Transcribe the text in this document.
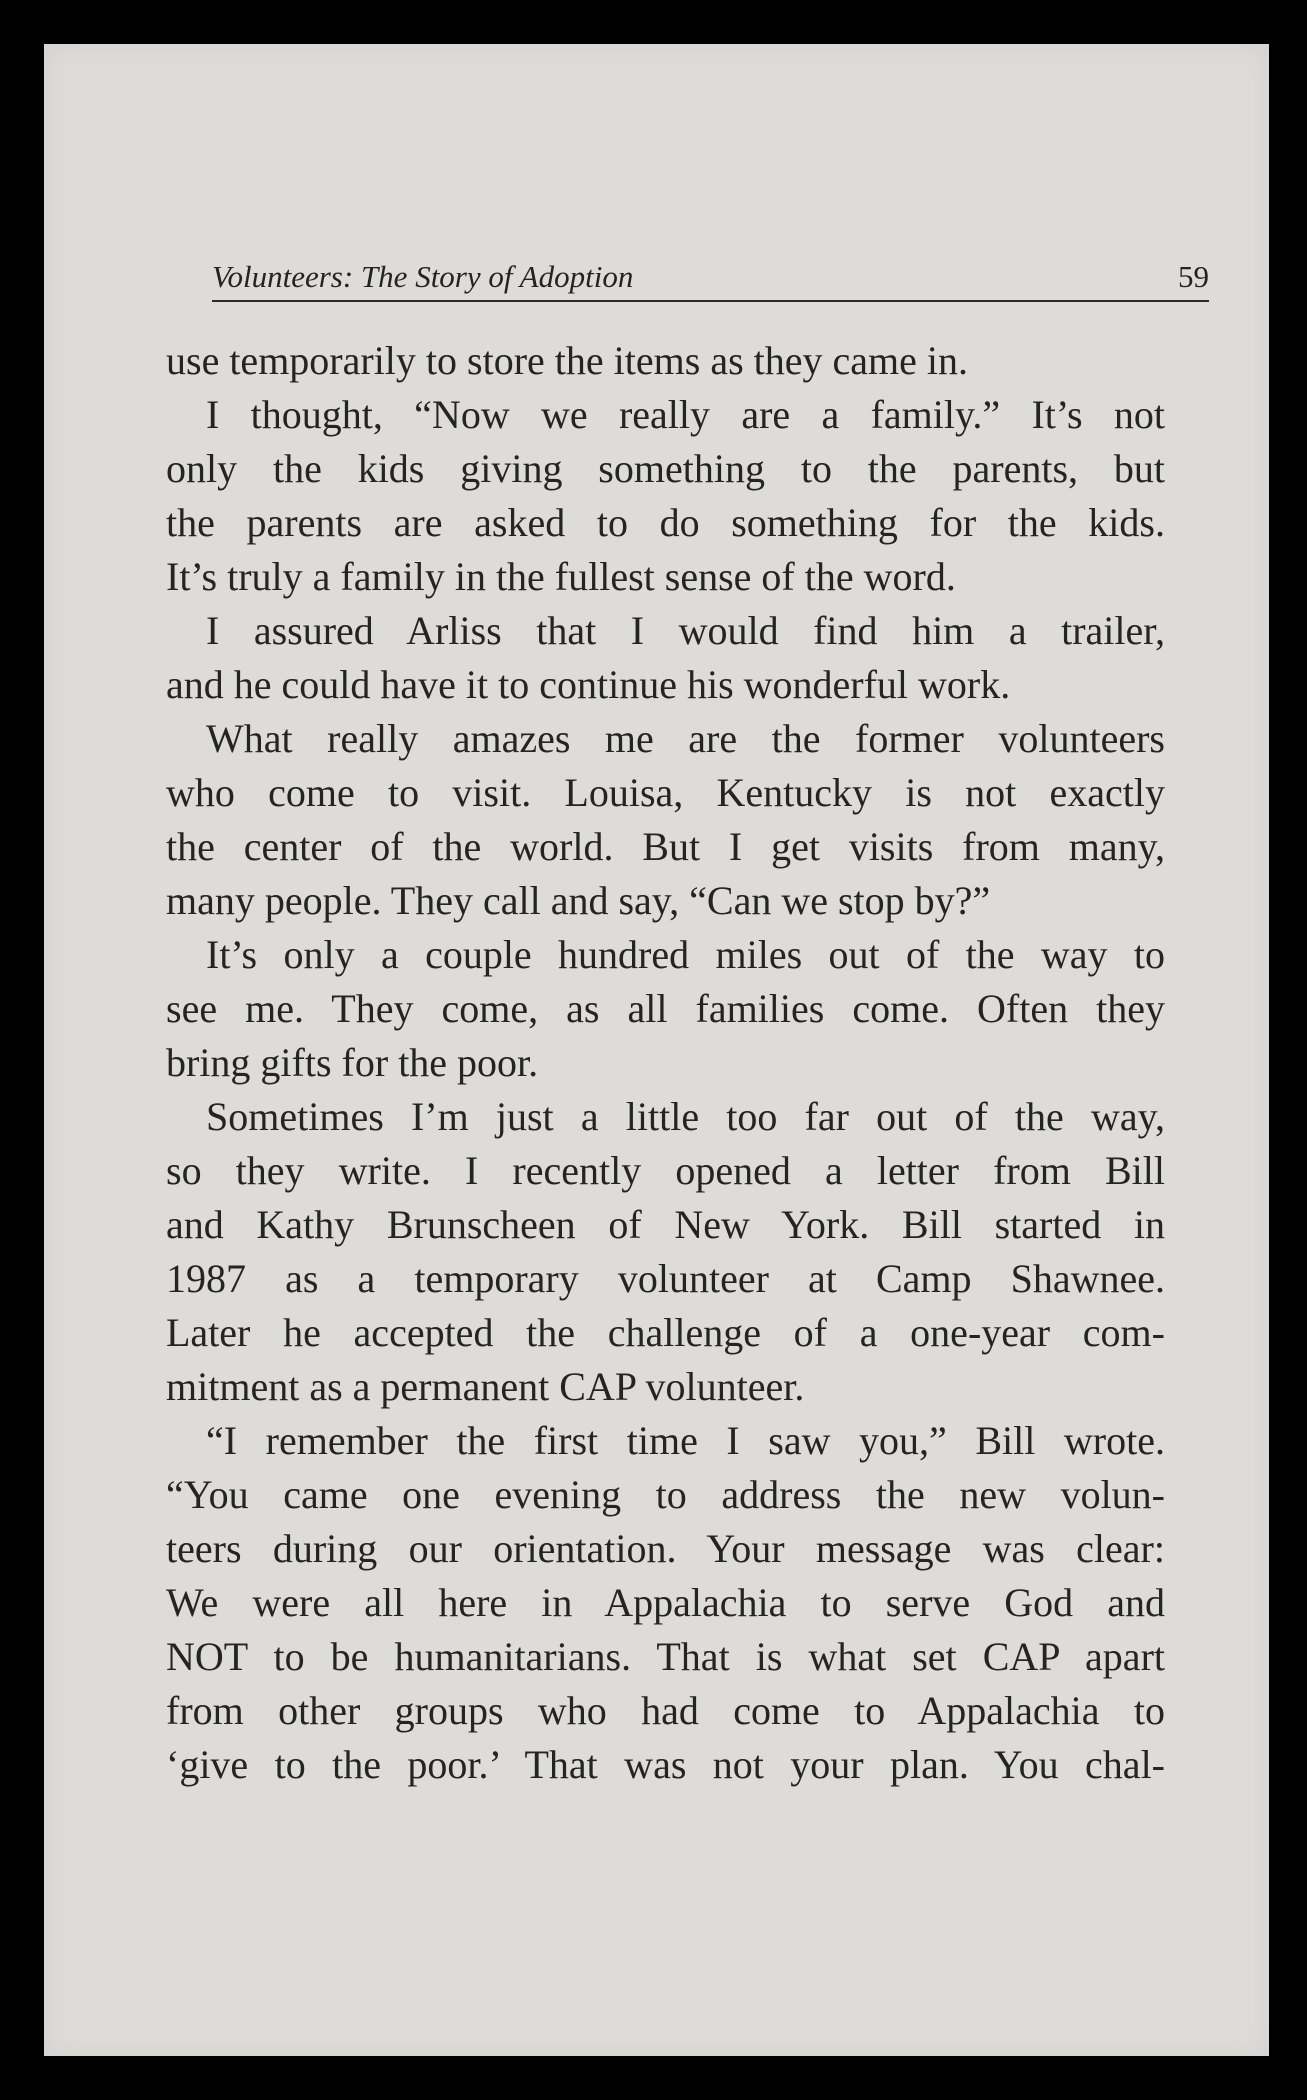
Volunteers: The Story of Adoption	59
use temporarily to store the items as they came in.
I thought, “Now we really are a family.” It’s not
only the kids giving something to the parents, but
the parents are asked to do something for the kids.
It’s truly a family in the fullest sense of the word.
I assured Arliss that I would find him a trailer,
and he could have it to continue his wonderful work.
What really amazes me are the former volunteers
who come to visit. Louisa, Kentucky is not exactly
the center of the world. But I get visits from many,
many people. They call and say, “Can we stop by?”
It’s only a couple hundred miles out of the way to
see me. They come, as all families come. Often they
bring gifts for the poor.
Sometimes I’m just a little too far out of the way,
so they write. I recently opened a letter from Bill
and Kathy Brunscheen of New York. Bill started in
1987 as a temporary volunteer at Camp Shawnee.
Later he accepted the challenge of a one-year com-
mitment as a permanent CAP volunteer.
“I remember the first time I saw you,” Bill wrote.
“You came one evening to address the new volun-
teers during our orientation. Your message was clear:
We were all here in Appalachia to serve God and
NOT to be humanitarians. That is what set CAP apart
from other groups who had come to Appalachia to
‘give to the poor.’ That was not your plan. You chal-
